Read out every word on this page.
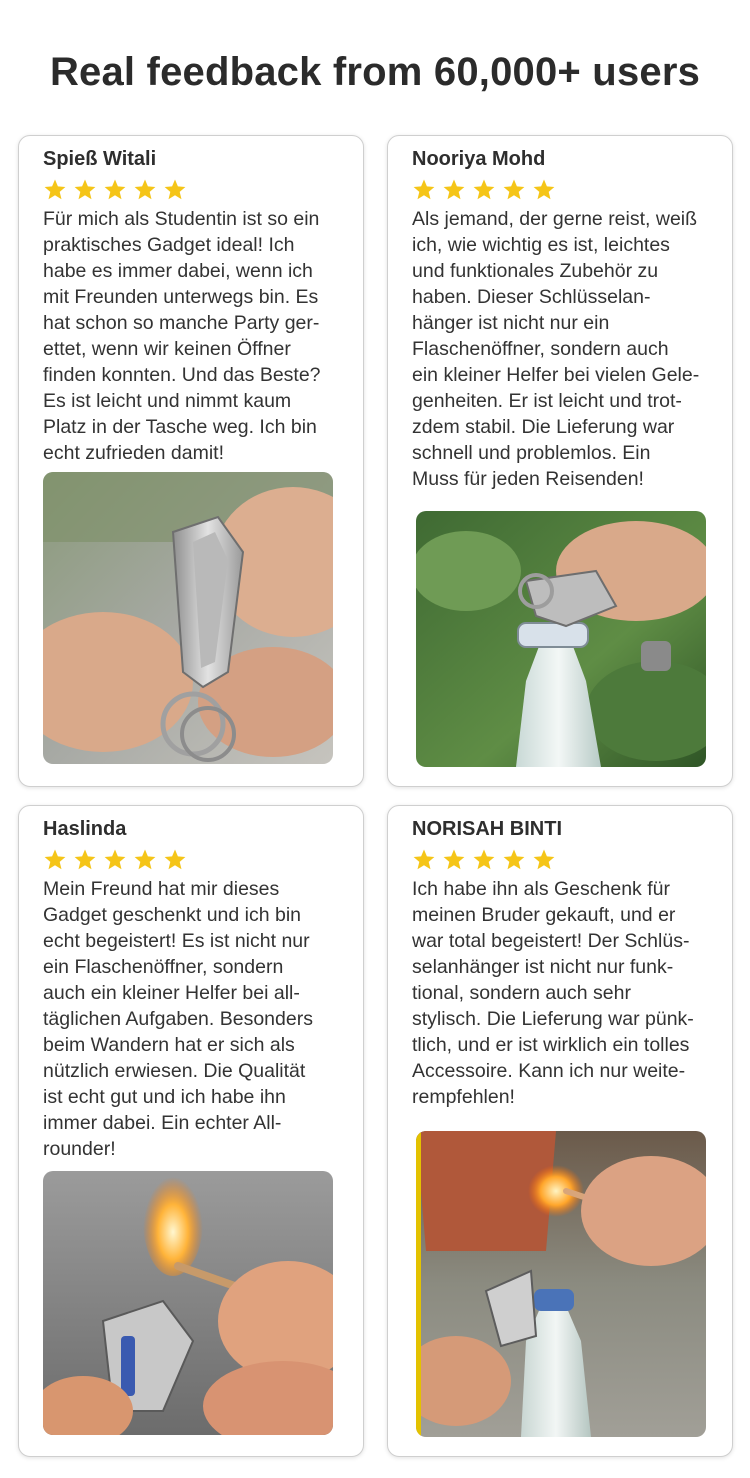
Real feedback from 60,000+ users
Spieß Witali

Für mich als Studentin ist so ein
praktisches Gadget ideal! Ich
habe es immer dabei, wenn ich
mit Freunden unterwegs bin. Es
hat schon so manche Party ger-
ettet, wenn wir keinen Öffner
finden konnten. Und das Beste?
Es ist leicht und nimmt kaum
Platz in der Tasche weg. Ich bin
echt zufrieden damit!

Nooriya Mohd

Als jemand, der gerne reist, weiß
ich, wie wichtig es ist, leichtes
und funktionales Zubehör zu
haben. Dieser Schlüsselan-
hänger ist nicht nur ein
Flaschenöffner, sondern auch
ein kleiner Helfer bei vielen Gele-
genheiten. Er ist leicht und trot-
zdem stabil. Die Lieferung war
schnell und problemlos. Ein
Muss für jeden Reisenden!

Haslinda

Mein Freund hat mir dieses
Gadget geschenkt und ich bin
echt begeistert! Es ist nicht nur
ein Flaschenöffner, sondern
auch ein kleiner Helfer bei all-
täglichen Aufgaben. Besonders
beim Wandern hat er sich als
nützlich erwiesen. Die Qualität
ist echt gut und ich habe ihn
immer dabei. Ein echter All-
rounder!

NORISAH BINTI

Ich habe ihn als Geschenk für
meinen Bruder gekauft, und er
war total begeistert! Der Schlüs-
selanhänger ist nicht nur funk-
tional, sondern auch sehr
stylisch. Die Lieferung war pünk-
tlich, und er ist wirklich ein tolles
Accessoire. Kann ich nur weite-
rempfehlen!
